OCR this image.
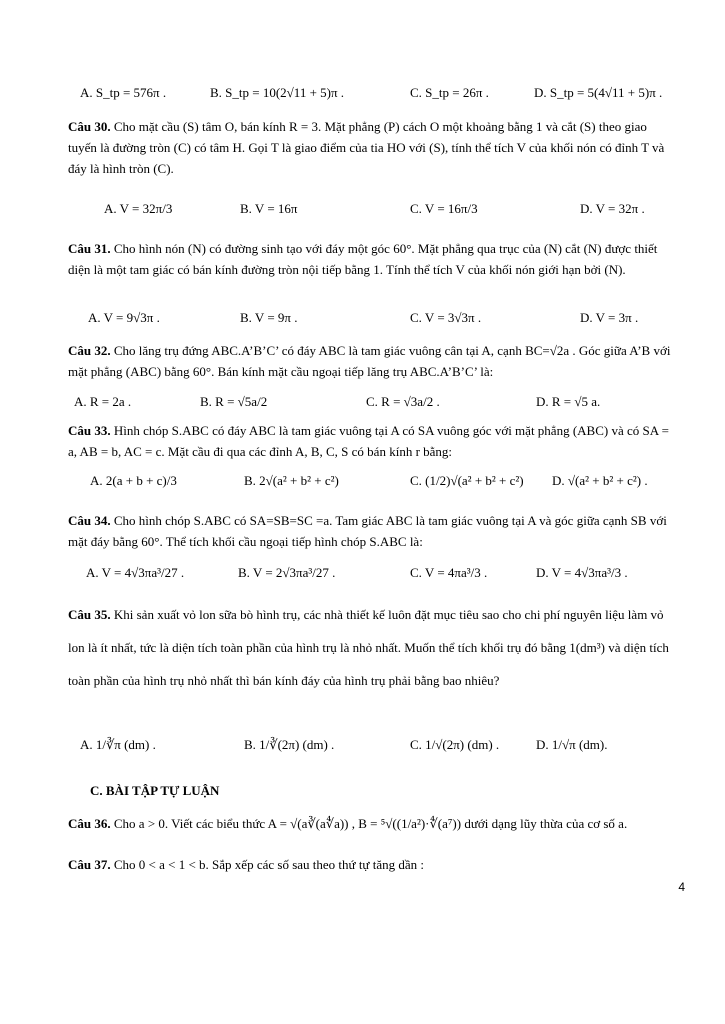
A. S_tp = 576π .	B. S_tp = 10(2√11 + 5)π .	C. S_tp = 26π .	D. S_tp = 5(4√11 + 5)π .
Câu 30. Cho mặt cầu (S) tâm O, bán kính R = 3. Mặt phẳng (P) cách O một khoảng bằng 1 và cắt (S) theo giao tuyến là đường tròn (C) có tâm H. Gọi T là giao điểm của tia HO với (S), tính thể tích V của khối nón có đỉnh T và đáy là hình tròn (C).
A. V = 32π/3	B. V = 16π	C. V = 16π/3	D. V = 32π .
Câu 31. Cho hình nón (N) có đường sinh tạo với đáy một góc 60°. Mặt phẳng qua trục của (N) cắt (N) được thiết diện là một tam giác có bán kính đường tròn nội tiếp bằng 1. Tính thể tích V của khối nón giới hạn bởi (N).
A. V = 9√3π .	B. V = 9π .	C. V = 3√3π .	D. V = 3π .
Câu 32. Cho lăng trụ đứng ABC.A’B’C’ có đáy ABC là tam giác vuông cân tại A, cạnh BC=√2a . Góc giữa A’B với mặt phẳng (ABC) bằng 60°. Bán kính mặt cầu ngoại tiếp lăng trụ ABC.A’B’C’ là:
A. R = 2a .	B. R = √5a/2	C. R = √3a/2 .	D. R = √5 a.
Câu 33. Hình chóp S.ABC có đáy ABC là tam giác vuông tại A có SA vuông góc với mặt phẳng (ABC) và có SA = a, AB = b, AC = c. Mặt cầu đi qua các đỉnh A, B, C, S có bán kính r bằng:
A. 2(a + b + c)/3	B. 2√(a² + b² + c²)	C. (1/2)√(a² + b² + c²) D. √(a² + b² + c²) .
Câu 34. Cho hình chóp S.ABC có SA=SB=SC =a. Tam giác ABC là tam giác vuông tại A và góc giữa cạnh SB với mặt đáy bằng 60°. Thể tích khối cầu ngoại tiếp hình chóp S.ABC là:
A. V = 4√3πa³/27 .	B. V = 2√3πa³/27 .	C. V = 4πa³/3 .	D. V = 4√3πa³/3 .
Câu 35. Khi sản xuất vỏ lon sữa bò hình trụ, các nhà thiết kế luôn đặt mục tiêu sao cho chi phí nguyên liệu làm vỏ lon là ít nhất, tức là diện tích toàn phần của hình trụ là nhỏ nhất. Muốn thể tích khối trụ đó bằng 1(dm³) và diện tích toàn phần của hình trụ nhỏ nhất thì bán kính đáy của hình trụ phải bằng bao nhiêu?
A. 1/∛π (dm) .	B. 1/∛(2π) (dm) .	C. 1/√(2π) (dm) .	D. 1/√π (dm).
C. BÀI TẬP TỰ LUẬN
Câu 36. Cho a > 0. Viết các biểu thức A = √(a∛(a∜a)) , B = ⁵√((1/a²)·∜(a⁷)) dưới dạng lũy thừa của cơ số a.
Câu 37. Cho 0 < a < 1 < b. Sắp xếp các số sau theo thứ tự tăng dần :
4
